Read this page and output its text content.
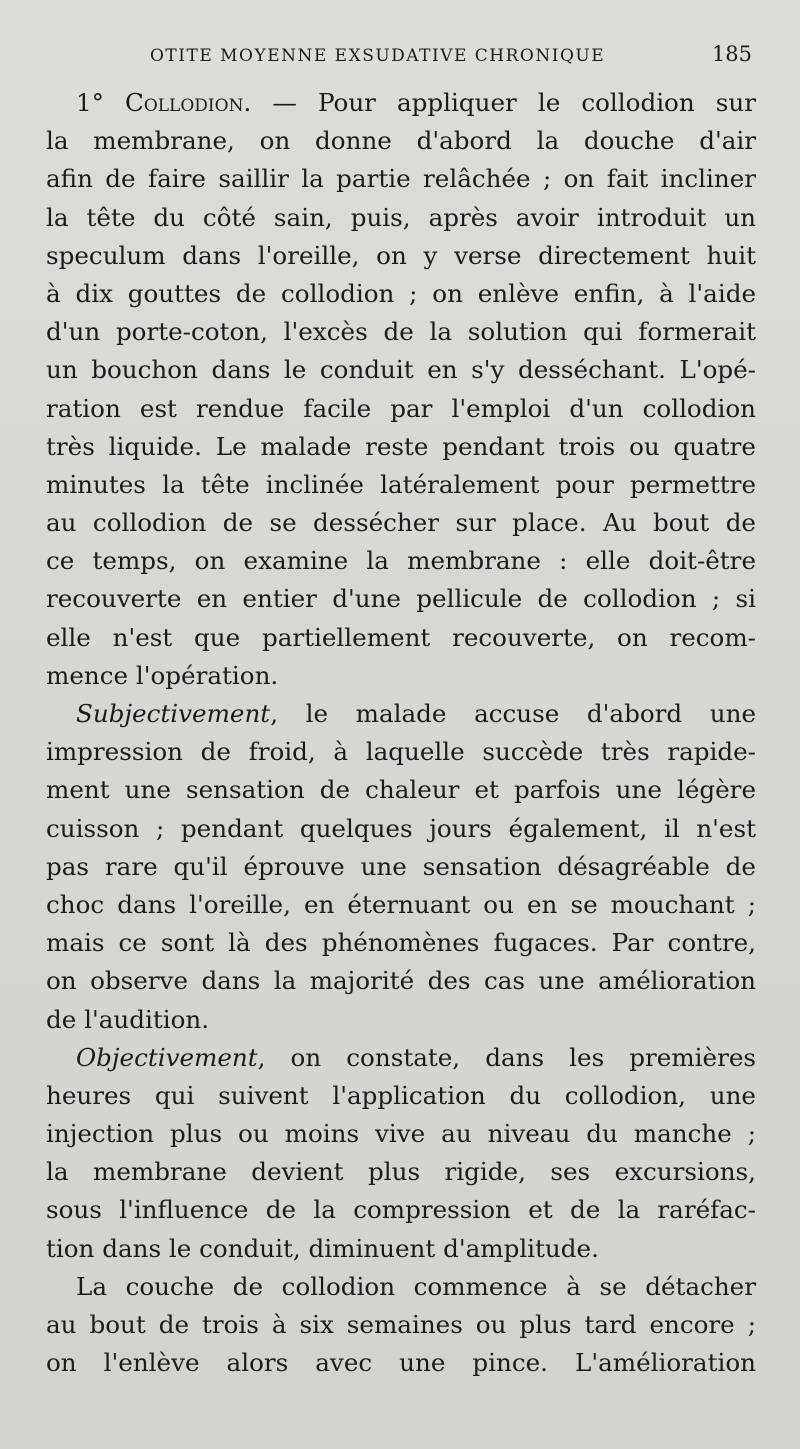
OTITE MOYENNE EXSUDATIVE CHRONIQUE	185
1° Collodion. — Pour appliquer le collodion sur
la membrane, on donne d'abord la douche d'air
afin de faire saillir la partie relâchée ; on fait incliner
la tête du côté sain, puis, après avoir introduit un
speculum dans l'oreille, on y verse directement huit
à dix gouttes de collodion ; on enlève enfin, à l'aide
d'un porte-coton, l'excès de la solution qui formerait
un bouchon dans le conduit en s'y desséchant. L'opé-
ration est rendue facile par l'emploi d'un collodion
très liquide. Le malade reste pendant trois ou quatre
minutes la tête inclinée latéralement pour permettre
au collodion de se dessécher sur place. Au bout de
ce temps, on examine la membrane : elle doit-être
recouverte en entier d'une pellicule de collodion ; si
elle n'est que partiellement recouverte, on recom-
mence l'opération.
Subjectivement, le malade accuse d'abord une
impression de froid, à laquelle succède très rapide-
ment une sensation de chaleur et parfois une légère
cuisson ; pendant quelques jours également, il n'est
pas rare qu'il éprouve une sensation désagréable de
choc dans l'oreille, en éternuant ou en se mouchant ;
mais ce sont là des phénomènes fugaces. Par contre,
on observe dans la majorité des cas une amélioration
de l'audition.
Objectivement, on constate, dans les premières
heures qui suivent l'application du collodion, une
injection plus ou moins vive au niveau du manche ;
la membrane devient plus rigide, ses excursions,
sous l'influence de la compression et de la raréfac-
tion dans le conduit, diminuent d'amplitude.
La couche de collodion commence à se détacher
au bout de trois à six semaines ou plus tard encore ;
on l'enlève alors avec une pince. L'amélioration
